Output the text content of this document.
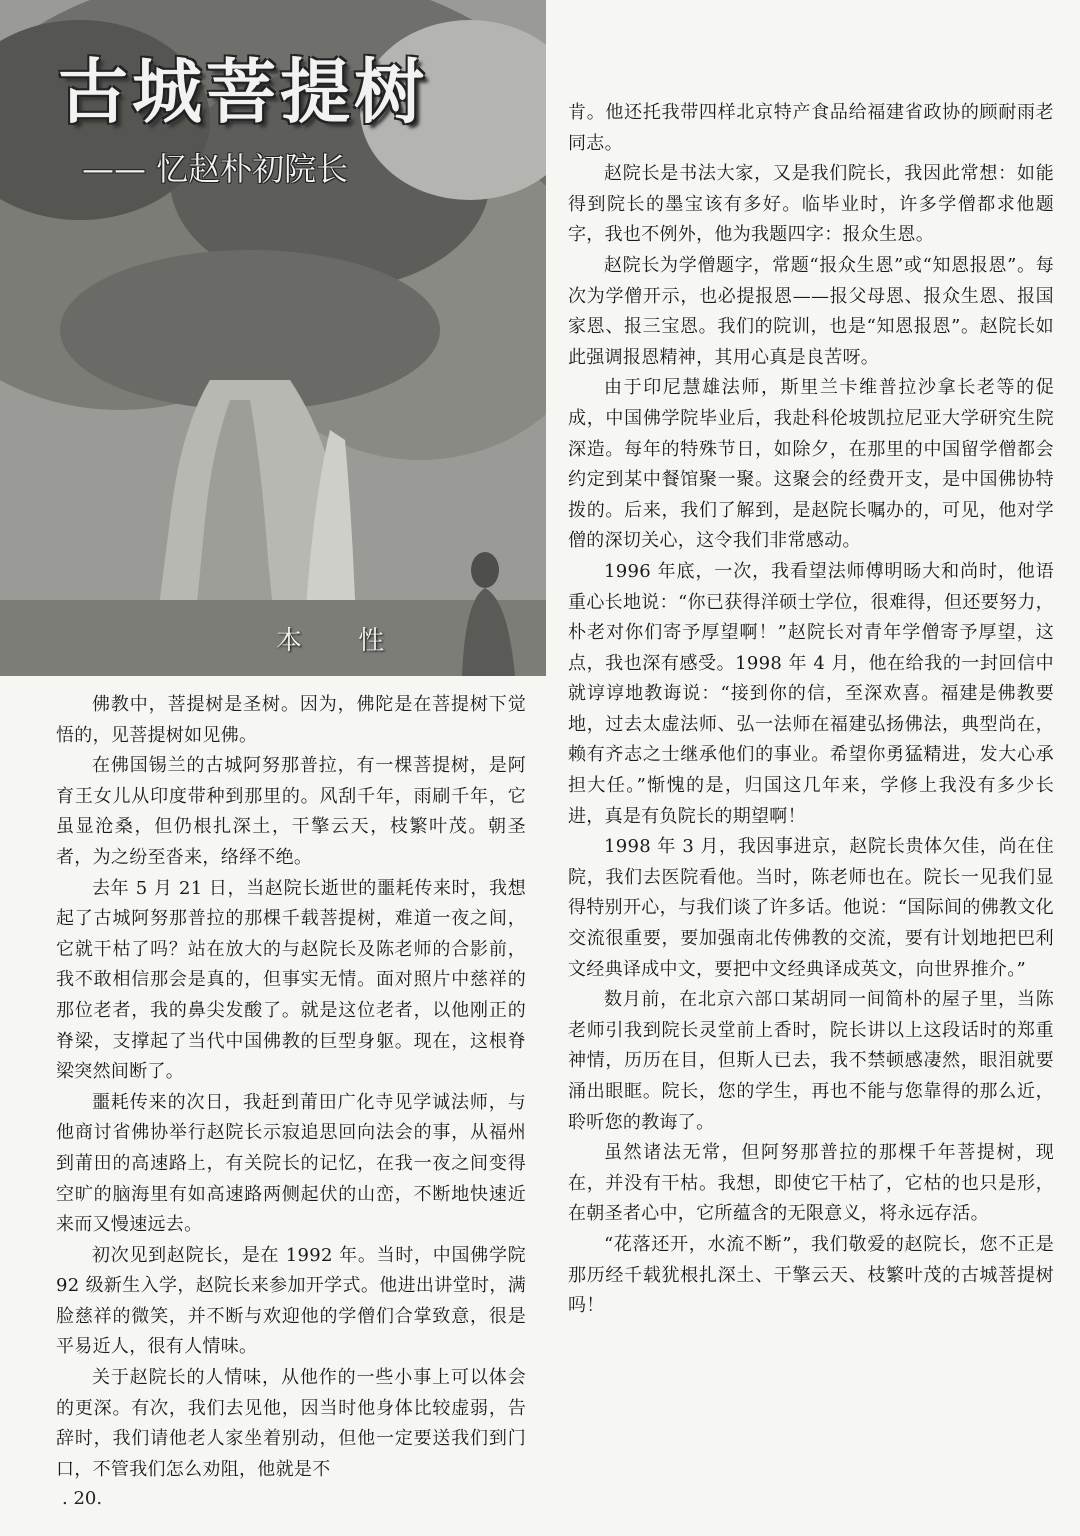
古城菩提树
—— 忆赵朴初院长
本 性

佛教中，菩提树是圣树。因为，佛陀是在菩提树下觉悟的，见菩提树如见佛。

在佛国锡兰的古城阿努那普拉，有一棵菩提树，是阿育王女儿从印度带种到那里的。风刮千年，雨刷千年，它虽显沧桑，但仍根扎深土，干擎云天，枝繁叶茂。朝圣者，为之纷至沓来，络绎不绝。

去年 5 月 21 日，当赵院长逝世的噩耗传来时，我想起了古城阿努那普拉的那棵千载菩提树，难道一夜之间，它就干枯了吗？站在放大的与赵院长及陈老师的合影前，我不敢相信那会是真的，但事实无情。面对照片中慈祥的那位老者，我的鼻尖发酸了。就是这位老者，以他刚正的脊梁，支撑起了当代中国佛教的巨型身躯。现在，这根脊梁突然间断了。

噩耗传来的次日，我赶到莆田广化寺见学诚法师，与他商讨省佛协举行赵院长示寂追思回向法会的事，从福州到莆田的高速路上，有关院长的记忆，在我一夜之间变得空旷的脑海里有如高速路两侧起伏的山峦，不断地快速近来而又慢速远去。

初次见到赵院长，是在 1992 年。当时，中国佛学院 92 级新生入学，赵院长来参加开学式。他进出讲堂时，满脸慈祥的微笑，并不断与欢迎他的学僧们合掌致意，很是平易近人，很有人情味。

关于赵院长的人情味，从他作的一些小事上可以体会的更深。有次，我们去见他，因当时他身体比较虚弱，告辞时，我们请他老人家坐着别动，但他一定要送我们到门口，不管我们怎么劝阻，他就是不

肯。他还托我带四样北京特产食品给福建省政协的顾耐雨老同志。

赵院长是书法大家，又是我们院长，我因此常想：如能得到院长的墨宝该有多好。临毕业时，许多学僧都求他题字，我也不例外，他为我题四字：报众生恩。

赵院长为学僧题字，常题“报众生恩”或“知恩报恩”。每次为学僧开示，也必提报恩——报父母恩、报众生恩、报国家恩、报三宝恩。我们的院训，也是“知恩报恩”。赵院长如此强调报恩精神，其用心真是良苦呀。

由于印尼慧雄法师，斯里兰卡维普拉沙拿长老等的促成，中国佛学院毕业后，我赴科伦坡凯拉尼亚大学研究生院深造。每年的特殊节日，如除夕，在那里的中国留学僧都会约定到某中餐馆聚一聚。这聚会的经费开支，是中国佛协特拨的。后来，我们了解到，是赵院长嘱办的，可见，他对学僧的深切关心，这令我们非常感动。

1996 年底，一次，我看望法师傅明旸大和尚时，他语重心长地说：“你已获得洋硕士学位，很难得，但还要努力，朴老对你们寄予厚望啊！”赵院长对青年学僧寄予厚望，这点，我也深有感受。1998 年 4 月，他在给我的一封回信中就谆谆地教诲说：“接到你的信，至深欢喜。福建是佛教要地，过去太虚法师、弘一法师在福建弘扬佛法，典型尚在，赖有齐志之士继承他们的事业。希望你勇猛精进，发大心承担大任。”惭愧的是，归国这几年来，学修上我没有多少长进，真是有负院长的期望啊！

1998 年 3 月，我因事进京，赵院长贵体欠佳，尚在住院，我们去医院看他。当时，陈老师也在。院长一见我们显得特别开心，与我们谈了许多话。他说：“国际间的佛教文化交流很重要，要加强南北传佛教的交流，要有计划地把巴利文经典译成中文，要把中文经典译成英文，向世界推介。”

数月前，在北京六部口某胡同一间简朴的屋子里，当陈老师引我到院长灵堂前上香时，院长讲以上这段话时的郑重神情，历历在目，但斯人已去，我不禁顿感凄然，眼泪就要涌出眼眶。院长，您的学生，再也不能与您靠得的那么近，聆听您的教诲了。

虽然诸法无常，但阿努那普拉的那棵千年菩提树，现在，并没有干枯。我想，即使它干枯了，它枯的也只是形，在朝圣者心中，它所蕴含的无限意义，将永远存活。

“花落还开，水流不断”，我们敬爱的赵院长，您不正是那历经千载犹根扎深土、干擎云天、枝繁叶茂的古城菩提树吗！

. 20.
